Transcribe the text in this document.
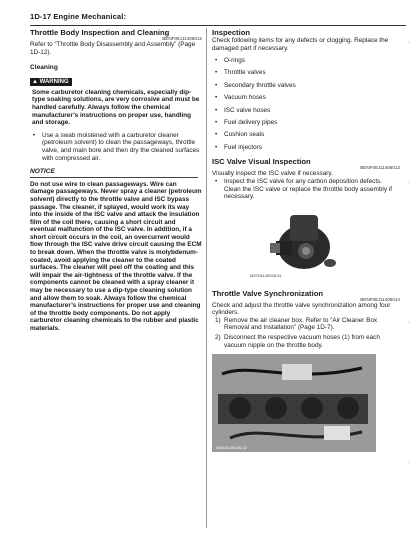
1D-17 Engine Mechanical:
Throttle Body Inspection and Cleaning
BENF08J11406012

Refer to “Throttle Body Disassembly and Assembly” (Page 1D-12).

Cleaning
▲ WARNING
Some carburetor cleaning chemicals, especially dip-type soaking solutions, are very corrosive and must be handled carefully. Always follow the chemical manufacturer’s instructions on proper use, handling and storage.
• Use a swab moistened with a carburetor cleaner (petroleum solvent) to clean the passageways, throttle valve, and main bore and then dry the cleaned surfaces with compressed air.
NOTICE
Do not use wire to clean passageways. Wire can damage passageways. Never spray a cleaner (petroleum solvent) directly to the throttle valve and ISC bypass passage. The cleaner, if splayed, would work its way into the inside of the ISC valve and attack the insulation film of the coil there, causing a short circuit and eventual malfunction of the ISC valve. In addition, if a short circuit occurs in the coil, an overcurrent would flow through the ISC valve drive circuit causing the ECM to break down. When the throttle valve is molybdenum-coated, avoid applying the cleaner to the coated surfaces. The cleaner will peel off the coating and this will impair the air-tightness of the throttle valve. If the components cannot be cleaned with a spray cleaner it may be necessary to use a dip-type cleaning solution and allow them to soak. Always follow the chemical manufacturer’s instructions for proper use and cleaning of the throttle body components. Do not apply carburetor cleaning chemicals to the rubber and plastic materials.
Inspection

Check following items for any defects or clogging. Replace the damaged part if necessary.

• O-rings
• Throttle valves
• Secondary throttle valves
• Vacuum hoses
• ISC valve hoses
• Fuel delivery pipes
• Cushion seals
• Fuel injectors
ISC Valve Visual Inspection
BENF08J11406013

Visually inspect the ISC valve if necessary.

• Inspect the ISC valve for any carbon deposition defects. Clean the ISC valve or replace the throttle body assembly if necessary.
I837H1140026-01
Throttle Valve Synchronization
BENF08J11406014

Check and adjust the throttle valve synchronization among four cylinders.

1) Remove the air cleaner box. Refer to “Air Cleaner Box Removal and Installation” (Page 1D-7).
2) Disconnect the respective vacuum hoses (1) from each vacuum nipple on the throttle body.
I808J1140026-02
‹
‹
‹
‹
